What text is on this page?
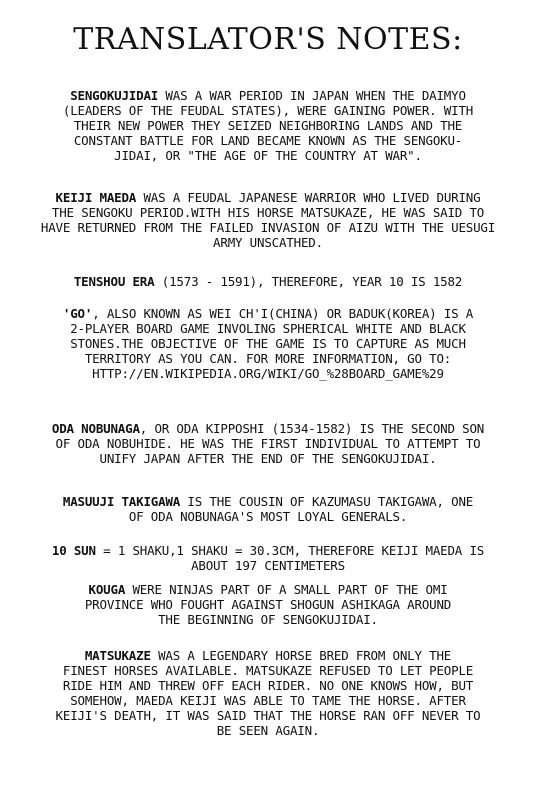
TRANSLATOR'S NOTES:
SENGOKUJIDAI WAS A WAR PERIOD IN JAPAN WHEN THE DAIMYO
(LEADERS OF THE FEUDAL STATES), WERE GAINING POWER. WITH
THEIR NEW POWER THEY SEIZED NEIGHBORING LANDS AND THE
CONSTANT BATTLE FOR LAND BECAME KNOWN AS THE SENGOKU-
JIDAI, OR "THE AGE OF THE COUNTRY AT WAR".
KEIJI MAEDA WAS A FEUDAL JAPANESE WARRIOR WHO LIVED DURING
THE SENGOKU PERIOD.WITH HIS HORSE MATSUKAZE, HE WAS SAID TO
HAVE RETURNED FROM THE FAILED INVASION OF AIZU WITH THE UESUGI
ARMY UNSCATHED.
TENSHOU ERA (1573 - 1591), THEREFORE, YEAR 10 IS 1582
'GO', ALSO KNOWN AS WEI CH'I(CHINA) OR BADUK(KOREA) IS A
2-PLAYER BOARD GAME INVOLING SPHERICAL WHITE AND BLACK
STONES.THE OBJECTIVE OF THE GAME IS TO CAPTURE AS MUCH
TERRITORY AS YOU CAN. FOR MORE INFORMATION, GO TO:
HTTP://EN.WIKIPEDIA.ORG/WIKI/GO_%28BOARD_GAME%29
ODA NOBUNAGA, OR ODA KIPPOSHI (1534-1582) IS THE SECOND SON
OF ODA NOBUHIDE. HE WAS THE FIRST INDIVIDUAL TO ATTEMPT TO
UNIFY JAPAN AFTER THE END OF THE SENGOKUJIDAI.
MASUUJI TAKIGAWA IS THE COUSIN OF KAZUMASU TAKIGAWA, ONE
OF ODA NOBUNAGA'S MOST LOYAL GENERALS.
10 SUN = 1 SHAKU,1 SHAKU = 30.3CM, THEREFORE KEIJI MAEDA IS
ABOUT 197 CENTIMETERS
KOUGA WERE NINJAS PART OF A SMALL PART OF THE OMI
PROVINCE WHO FOUGHT AGAINST SHOGUN ASHIKAGA AROUND
THE BEGINNING OF SENGOKUJIDAI.
MATSUKAZE WAS A LEGENDARY HORSE BRED FROM ONLY THE
FINEST HORSES AVAILABLE. MATSUKAZE REFUSED TO LET PEOPLE
RIDE HIM AND THREW OFF EACH RIDER. NO ONE KNOWS HOW, BUT
SOMEHOW, MAEDA KEIJI WAS ABLE TO TAME THE HORSE. AFTER
KEIJI'S DEATH, IT WAS SAID THAT THE HORSE RAN OFF NEVER TO
BE SEEN AGAIN.
